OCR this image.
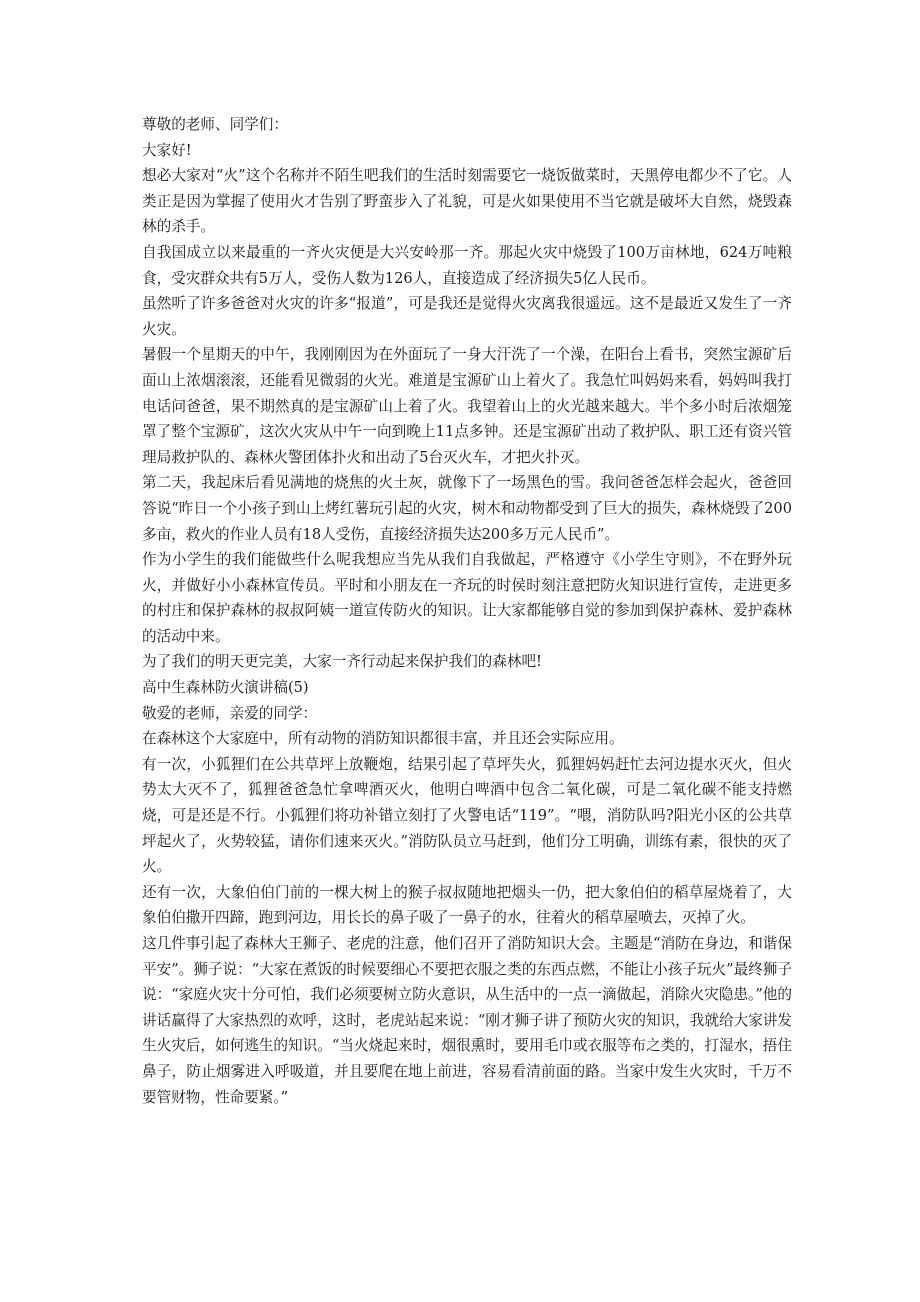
尊敬的老师、同学们：

大家好!

想必大家对“火”这个名称并不陌生吧我们的生活时刻需要它一烧饭做菜时，天黑停电都少不了它。人类正是因为掌握了使用火才告别了野蛮步入了礼貌，可是火如果使用不当它就是破坏大自然，烧毁森林的杀手。

自我国成立以来最重的一齐火灾便是大兴安岭那一齐。那起火灾中烧毁了100万亩林地，624万吨粮食，受灾群众共有5万人，受伤人数为126人，直接造成了经济损失5亿人民币。

虽然听了许多爸爸对火灾的许多“报道”，可是我还是觉得火灾离我很遥远。这不是最近又发生了一齐火灾。

暑假一个星期天的中午，我刚刚因为在外面玩了一身大汗洗了一个澡，在阳台上看书，突然宝源矿后面山上浓烟滚滚，还能看见微弱的火光。难道是宝源矿山上着火了。我急忙叫妈妈来看，妈妈叫我打电话问爸爸，果不期然真的是宝源矿山上着了火。我望着山上的火光越来越大。半个多小时后浓烟笼罩了整个宝源矿，这次火灾从中午一向到晚上11点多钟。还是宝源矿出动了救护队、职工还有资兴管理局救护队的、森林火警团体扑火和出动了5台灭火车，才把火扑灭。

第二天，我起床后看见满地的烧焦的火土灰，就像下了一场黑色的雪。我问爸爸怎样会起火，爸爸回答说“昨日一个小孩子到山上烤红薯玩引起的火灾，树木和动物都受到了巨大的损失，森林烧毁了200多亩，救火的作业人员有18人受伤，直接经济损失达200多万元人民币”。

作为小学生的我们能做些什么呢我想应当先从我们自我做起，严格遵守《小学生守则》，不在野外玩火，并做好小小森林宣传员。平时和小朋友在一齐玩的时侯时刻注意把防火知识进行宣传，走进更多的村庄和保护森林的叔叔阿姨一道宣传防火的知识。让大家都能够自觉的参加到保护森林、爱护森林的活动中来。

为了我们的明天更完美，大家一齐行动起来保护我们的森林吧!

高中生森林防火演讲稿(5)

敬爱的老师，亲爱的同学：

在森林这个大家庭中，所有动物的消防知识都很丰富，并且还会实际应用。

有一次，小狐狸们在公共草坪上放鞭炮，结果引起了草坪失火，狐狸妈妈赶忙去河边提水灭火，但火势太大灭不了，狐狸爸爸急忙拿啤酒灭火，他明白啤酒中包含二氧化碳，可是二氧化碳不能支持燃烧，可是还是不行。小狐狸们将功补错立刻打了火警电话“119”。“喂，消防队吗?阳光小区的公共草坪起火了，火势较猛，请你们速来灭火。”消防队员立马赶到，他们分工明确，训练有素，很快的灭了火。

还有一次，大象伯伯门前的一棵大树上的猴子叔叔随地把烟头一仍，把大象伯伯的稻草屋烧着了，大象伯伯撒开四蹄，跑到河边，用长长的鼻子吸了一鼻子的水，往着火的稻草屋喷去，灭掉了火。

这几件事引起了森林大王狮子、老虎的注意，他们召开了消防知识大会。主题是“消防在身边，和谐保平安”。狮子说：“大家在煮饭的时候要细心不要把衣服之类的东西点燃，不能让小孩子玩火”最终狮子说：“家庭火灾十分可怕，我们必须要树立防火意识，从生活中的一点一滴做起，消除火灾隐患。”他的讲话赢得了大家热烈的欢呼，这时，老虎站起来说：“刚才狮子讲了预防火灾的知识，我就给大家讲发生火灾后，如何逃生的知识。“当火烧起来时，烟很熏时，要用毛巾或衣服等布之类的，打湿水，捂住鼻子，防止烟雾进入呼吸道，并且要爬在地上前进，容易看清前面的路。当家中发生火灾时，千万不要管财物，性命要紧。”
